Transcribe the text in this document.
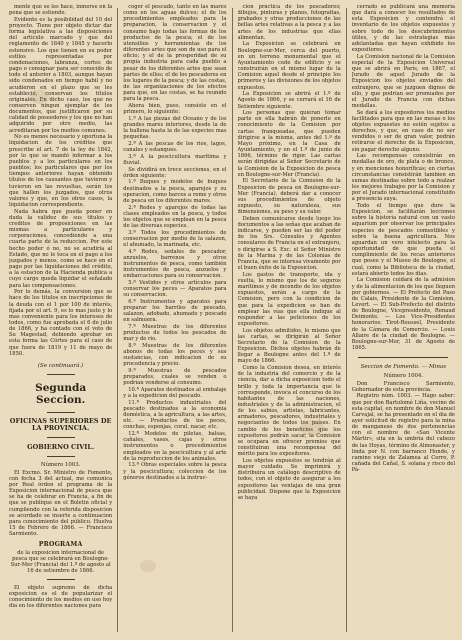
mente que se les hace, inmerse en la pena que se estiende.

Evidente es la posibilidad del 10 del proyecto. Tiene por objeto dictar dar forma legislativa a las disposiciones del articulo marcado y que del reglamento de 1840 y 1845 y hacerlo estensivo. Los que tienen en su poder estilos representadas por condenaciones, labranza, cortes de pago o consignar para ser conocido de todo el anterior a 1803, aunque hayan sido condenados en tiempo habil y no acudieron en el plazo que se les estableció, conservan los títulos originales. En dicho caso, los que no conserven ningun ejemplar de los documentos, que justificaron por su calidad de poseedores y los que no han adquirido por otro medio, las acreditaran por los medios comunes.

No es menos necesario y oportuna la liquidacion de los créditos que prescribe el art. 7 de la ley de 1842, por lo que se mandó informar a los pueblos y a los particulares en los pueblos; los particulares que por los tiempos anteriores hayan obtenido títulos de los causantes que tuvieron y tuvieron en las revueltas, serán los que hallen los juzgados, que otros valores y que, en los otros casos, la liquidacion correspondiente.

Nada habra que pueda poner en duda la validez de sus titulos y creditos de proposiciones en las mismas a particulares y corporaciones, concediendo a una cuarta parte de la reduccion. Por este hecho poder ó no, no se acudiria al Estado, que no le toca en el pago a los juzgados y menos, como se hace en el pago por las liquidaciones del crédito, a la estacion de la Hacienda publica a cuyo cargo queda liquidar el señalado para las compensaciones.

Por lo demás, la conversion que se hace de los titulos en inscripciones de la deuda con el 1 por 100 de interés, fijada por el art. 9, es lo mas justo y lo mas conveniente para los intereses de todos, como fue aprobada el 6 de julio de 1866, y ha contado con el voto de Su Magestad, debiendo aprobar en esta forma las Córtes para el caso de que fuera de 1819 y 11 de mayo de 1850.

(Se continuará.)

Segunda Seccion.

OFICINAS SUPERIORES DE LA PROVINCIA.

GOBIERNO CIVIL.

Número 1003.

El Excmo. Sr. Ministro de Fomento, con fecha 3 del actual, me comunica por Real órden el programa de la Exposicion internacional de pesca que se ha de celebrar en Francia, a fin de que se publique en el Boletin oficial y cumpliendo con la referida disposicion se acordado se inserte a continuacion para conocimiento del público. Huelva 15 de Febrero de 1866. — Francisco Sarmiento.

PROGRAMA

de la exposicion internacional de pesca que se celebrará en Boulogne-Sur-Mer (Francia) del 1.º de agosto al 16 de setiembre de 1866.

El objeto supremo de dicha exposicion es el de popularizar el conocimiento de los medios en uso hoy dia en los diferentes naciones para

coger el pescado, tanto en las mares como en los aguas dulces; el de los procedimientos empleados para la preparacion, la conservacion y el consumo bajo todas las formas de los productos de la pesca; el de los utensilios y herramientas de los diferentes artes que son de uso para el oficio; y el de la prosperidad de su propia industria para cada pueblo a pesar de los diferentes artes que sean partes de ellos; el de los pescadores en los lugares de la pesca; y de las costas, de las organizaciones de los efectos para que, en las costas, se ha reunido para la pesca.

Ahora bien, pues, consiste en el primero, lo siguiente:

1.ª A las piezas del Oceano y de los grandes mares interiores, desde la de la ballena hasta la de las especies mas pequeñas.

2.ª A las pescas de los rios, lagos, canales y estanques.

3.ª A la pescicultura marítima y fluvial.

Se dividirá en trece secciones, en el órden siguiente:

1.ª Buques y modelos de buques destinados a la pesca, aparejos y su operacion, como barcos a reme y otros de pesca en los diferentes mares.

2.ª Redes y aparejos de todas las clases empleados en la pesca, y todos los objetos que se emplean en la pesca de las diversas especies.

3.ª Todos los procedimientos de conservacion por medio de la salazon, el ahumado, la marinada, etc.

4.ª Redes, sedales de pescador, anzuelos, barrenos y otros instrumentos de pesca, como también instrumentos de pesca, anzuelos y embarcaciones para su conservacion.

5.ª Vestidos y otros artículos para conservar los peces — Aparatos para su conservacion.

6.ª Instrumentos y aparatos para preparar los barriles de pescado, salazon, adobado, ahumado y pescado en salmuera.

7.ª Muestras de los diferentes productos de todos los pescados de mar y de rio.

8.ª Muestras de los diferentes abonos de todas los peces y sus sustancias, con indicacion de su procedencia y precio.

9.ª Muestras de pescados preparados, cuales se venden o podrian venderse al consumo.

10.ª Aparatos destinados al embalaje y a la expedicion del pescado.

11.ª Productos industriales del pescado destinados a la economia doméstica, a la agricultura, a las artes, etc. — Productos de los peces, conchas, esponjas, coral, nacar, etc.

12.ª Modelos de piletas, balsas, cañales, vasos, cajas y otros instrumentos o procedimientos empleados en la pescicultura y al arte de la reproduccion de los animales.

13.ª Obras especiales sobre la pesca y la pescicultura; coleccion de los géneros destinados a la instruc-

cion práctica de los pescadores; dibujos, pinturas y planos, fotografias, grabados y otras producciones de las bellas artes relativas a la pesca y a las artes de los industrias que ellas alimentan.

La Exposicion se celebrará en Boulogne-sur-Mer, cerca del puerto, en un terreno monumental que el Ayuntamiento cede de edificio y se construirán en el mismo lugar de la Comision aquel desde el principio los primeros y las divisiones de los objetos expuestos.

La Exposicion se abrirá el 1.º de Agosto de 1866, y se cerrará el 16 de Setiembre siguiente.

Los personas que quieran tomar parte en ella habrán de ponerlo en conocimiento de la Comision por cartas franqueadas, que pueden dirigirse a la misma, antes del 1.º de Mayo próximo, en la Casa de Ayuntamiento, y en el 1.º de junio de 1866, término de rigor. Las cartas serán dirigidas al Señor Secretario de la Comision de la Exposicion de pesca en Boulogne-sur-Mer (Francia).

El Secretario de la Comision de la Exposicion de pesca en Boulogne-sur-Mer (Francia), deberá dar a conocer sus procedimientos de objeto expuesto, su naturaleza, sus dimensiones, su peso y su valor.

Deben comunicarse desde luego los documentos a las señas que acaban de indicarse, y pueden ser las del poder de los Srs. Cónsules y Agentes consulares de Francia en el extranjero, o dirigirse a S. Exc. el Señor Ministro de la Marina y de las Colonias de Francia, que se interesa vivamente por el buen éxito de la Exposicion.

Los gastos de transporte, ida y vuelta, lo mismo que los de seguros marítimos y de incendio de los objetos expuestos, serán a cargo de la Comision, pero con la condicion de que para la expedicion se han de emplear las vías que ella indique al responder a las peticiones de los expositores.

Los objetos admitidos, lo mismo que las cartas, se dirigirán al Señor Secretario de la Comision de la Exposicion. Dichos objetos habrán de llegar a Boulogne antes del 1.º de mayo de 1866.

Como la Comision desea, en interés de la industria del comercio y de la ciencia, dar a dicha exposicion todo el brillo y toda la importancia que le corresponde, invoca el concurso de los habitantes de las naciones, industriales y de la administracion, el de los sabios, artistas, fabricantes, armadores, pescadores, industriales y negociantes de todos los países. En cambio de los beneficios que los expositores podrán sacar, la Comision se ocupara en ofrecer premios que constituiran una recompensa del mérito para los expositores.

Los objetos expuestos se tendrán al mayor cuidado. Se imprimirá y distribuira un catálogo descriptivo de todos, con el objeto de asegurar a los expositores las ventajas de una gran publicidad. Dispone que la Exposicion se haya

cerrado se publicará una memoria que dará a conocer los resultados de esta Exposicion y contendrá el inventario de los objetos expuestos y sobre todo de los descubrimientos útiles, y de las estrategias más adelantadas que hayan exhibido los expositores.

La Comision nacional de la Comision especial de la Exposicion Universal que se abrirá en París, en 1867, el Jurado de aquel Jurado de la Exposicion los objetos enviados del extranjero, que se juzguen dignos de ello, y que podrian ser premiados por el Jurado de Francia con dichas medallas.

Se dará a los expositores los medios facilitados para que en las mesas o los objetos expuestos no estén sujetos a derechos, y que, en caso de no ser vendidos o ser de gran valor, podrán retirarse el derecho de la Exposicion, sin pagar derecho alguno.

Las recompensas consistirán en medallas de oro, de plata o de bronce, y en menciones honoríficas; en ciertas circunstancias consistirán tambien en sumas destinadas sobre todo a realzar los mejores trabajos por la Comision y por el Jurado internacional constituido a presencia suya.

Todo el tiempo que dure la Exposicion, se facilitarán lecciones sobre la historia natural con un vasto aquarium por observar los principales especies de pescados comestibles y sobre la buena agricultura. Nos aguardan un vero intelecto para la oportunidad de que pueda el cumplimiento de los recas anteriores que posee y el Museo de Boulogne, el cual, como la Biblioteca de la ciudad, estará abierto todos los días.

La Comision cuidará de la admision y de la alimentacion de los que lleguen por gobiernos. — El Prefecto del Paso de Calais, Presidente de la Comision, Levert. — El Sub-Prefecto del distrito de Boulogne, Vicepresidente, Renaud Deimonte. — Los Vice-Presidentes honorarios: Tirot-Roussel, Presidente de la Cámara de Comercio. — Louis Allaire de la ciudad de Boulogne. — Boulogne-sur-Mer, 31 de Agosto de 1865.

Seccion de Fomento. — Minas

Número 1004.

Don Francisco Sarmiento, Gobernador de esta provincia.

Registro núm. 1003. — Hago saber: que por don Bartolomé Liña, vecino de esta capital, en nombre de don Manuel Carvajal, se ha presentado en el dia de ayer solicitud de registro para la mina de manganeso de dos pertenencias con el nombre de «San Vicente Mártir», sita en la umbria del cabezo de las Hoyas, término de Almonaster, y linda por N. con barranco Hondo, y camino viejo de Zalamea al Cerro, P. cañada del Cañal, S. solana y risco del Pá-
